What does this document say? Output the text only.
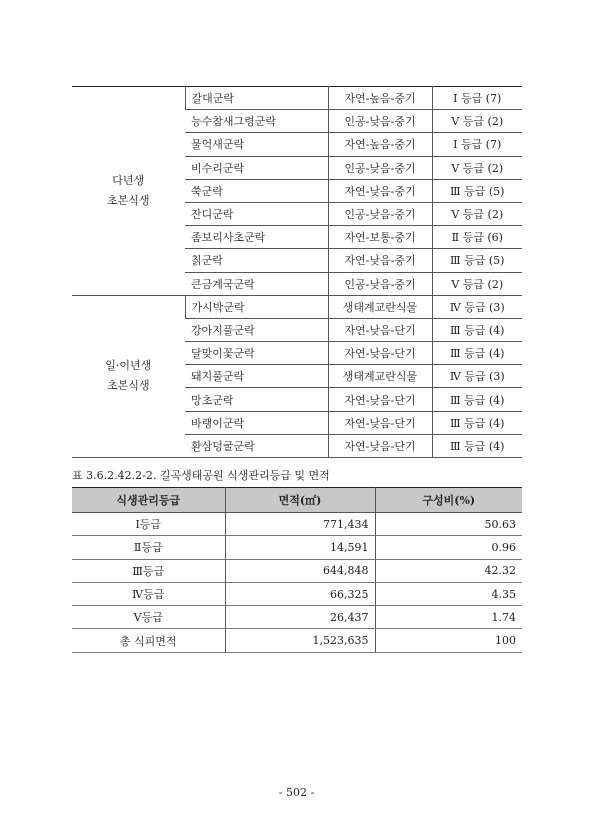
다년생
초본식생	갈대군락	자연-높음-중기	Ⅰ 등급 (7)
	능수참새그령군락	인공-낮음-중기	Ⅴ 등급 (2)
	물억새군락	자연-높음-중기	Ⅰ 등급 (7)
	비수리군락	인공-낮음-중기	Ⅴ 등급 (2)
	쑥군락	자연-낮음-중기	Ⅲ 등급 (5)
	잔디군락	인공-낮음-중기	Ⅴ 등급 (2)
	좀보리사초군락	자연-보통-중기	Ⅱ 등급 (6)
	칡군락	자연-낮음-중기	Ⅲ 등급 (5)
	큰금계국군락	인공-낮음-중기	Ⅴ 등급 (2)

일·이년생
초본식생	가시박군락	생태계교란식물	Ⅳ 등급 (3)
	강아지풀군락	자연-낮음-단기	Ⅲ 등급 (4)
	달맞이꽃군락	자연-낮음-단기	Ⅲ 등급 (4)
	돼지풀군락	생태계교란식물	Ⅳ 등급 (3)
	망초군락	자연-낮음-단기	Ⅲ 등급 (4)
	바랭이군락	자연-낮음-단기	Ⅲ 등급 (4)
	환삼덩굴군락	자연-낮음-단기	Ⅲ 등급 (4)
표 3.6.2.42.2-2. 길곡생태공원 식생관리등급 및 면적
식생관리등급	면적(㎡)	구성비(%)
Ⅰ등급	771,434	50.63
Ⅱ등급	14,591	0.96
Ⅲ등급	644,848	42.32
Ⅳ등급	66,325	4.35
Ⅴ등급	26,437	1.74
총 식피면적	1,523,635	100
- 502 -
